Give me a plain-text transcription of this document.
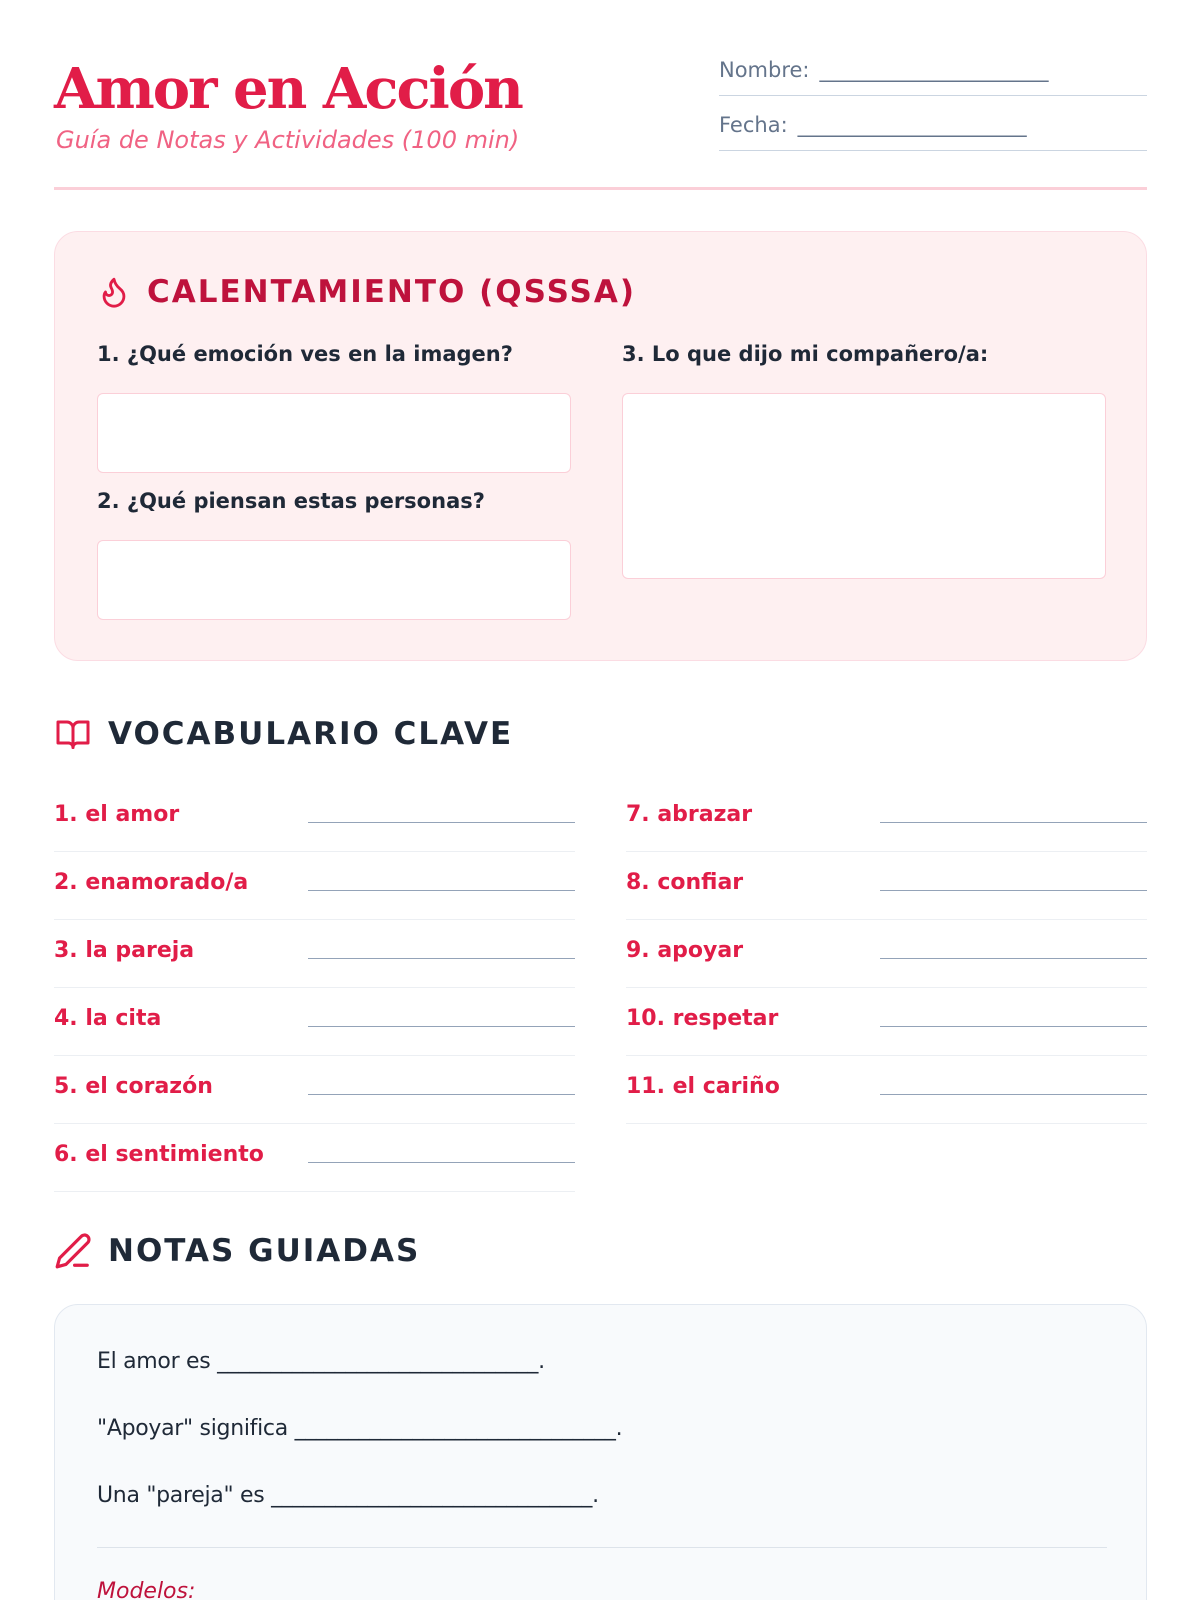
Amor en Acción
Guía de Notas y Actividades (100 min)
Nombre: ________________________
Fecha: ________________________
CALENTAMIENTO (QSSSA)
1. ¿Qué emoción ves en la imagen?
2. ¿Qué piensan estas personas?
3. Lo que dijo mi compañero/a:
VOCABULARIO CLAVE
1. el amor
2. enamorado/a
3. la pareja
4. la cita
5. el corazón
6. el sentimiento
7. abrazar
8. confiar
9. apoyar
10. respetar
11. el cariño
NOTAS GUIADAS
El amor es ______________________________.
"Apoyar" significa ______________________________.
Una "pareja" es ______________________________.
Modelos:
